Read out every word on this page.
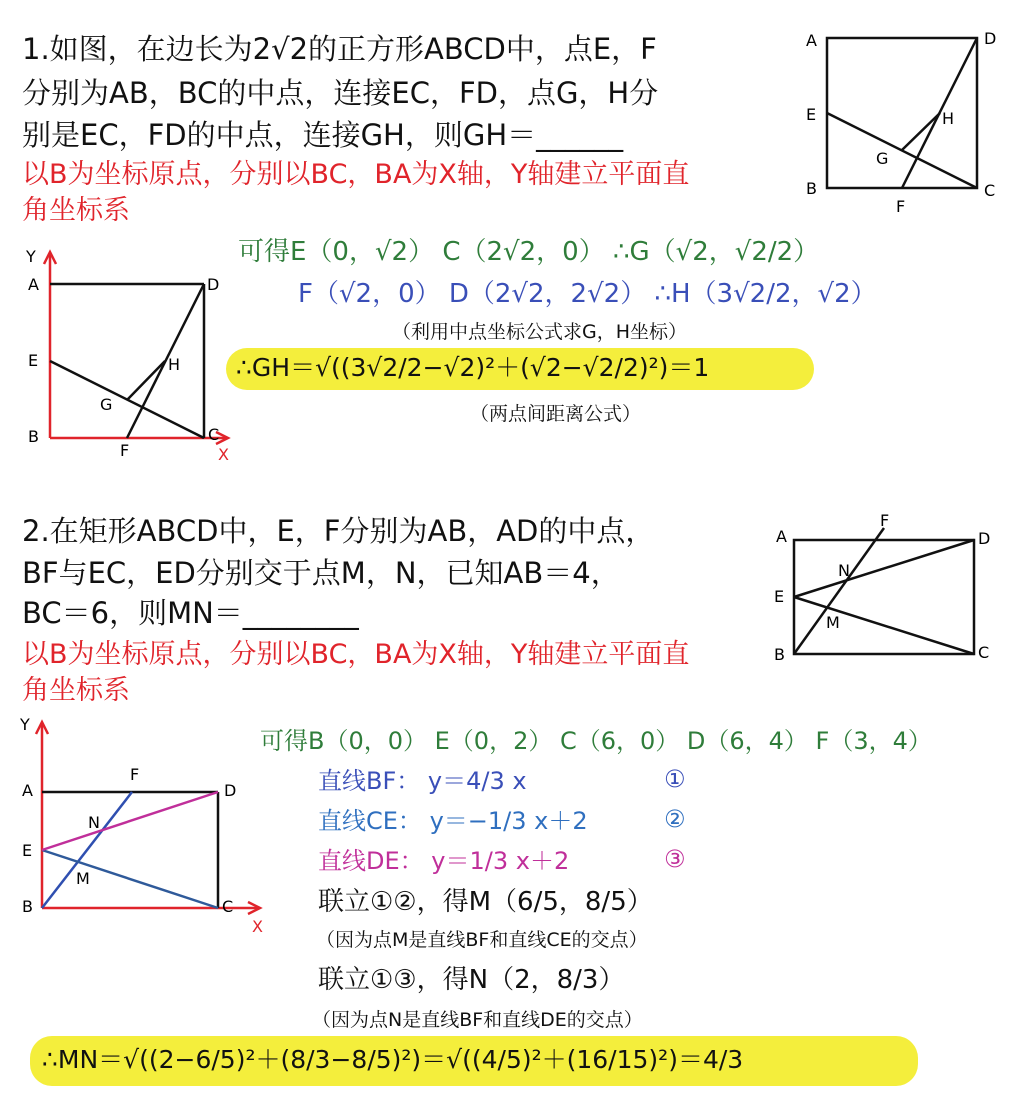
1.如图，在边长为2√2的正方形ABCD中，点E，F
分别为AB，BC的中点，连接EC，FD，点G，H分
别是EC，FD的中点，连接GH，则GH＝______
以B为坐标原点，分别以BC，BA为X轴，Y轴建立平面直
角坐标系
A	D
E	H
G
B	C
F
Y
A	D
E	H
G
B	C
F	X
可得E（0，√2） C（2√2，0） ∴G（√2，√2/2）
F（√2，0） D（2√2，2√2） ∴H（3√2/2，√2）
（利用中点坐标公式求G，H坐标）
∴GH＝√((3√2/2−√2)²＋(√2−√2/2)²)＝1
（两点间距离公式）
2.在矩形ABCD中，E，F分别为AB，AD的中点，
BF与EC，ED分别交于点M，N，已知AB＝4，
BC＝6，则MN＝________
以B为坐标原点，分别以BC，BA为X轴，Y轴建立平面直
角坐标系
A
F
D
N
E
M
B	C
Y
F
A	D
N
E
M
B	C
X
可得B（0，0） E（0，2） C（6，0） D（6，4） F（3，4）
直线BF： y＝4/3 x	①
直线CE： y＝−1/3 x＋2	②
直线DE： y＝1/3 x＋2	③
联立①②，得M（6/5，8/5）
（因为点M是直线BF和直线CE的交点）
联立①③，得N（2，8/3）
（因为点N是直线BF和直线DE的交点）
∴MN＝√((2−6/5)²＋(8/3−8/5)²)＝√((4/5)²＋(16/15)²)＝4/3
